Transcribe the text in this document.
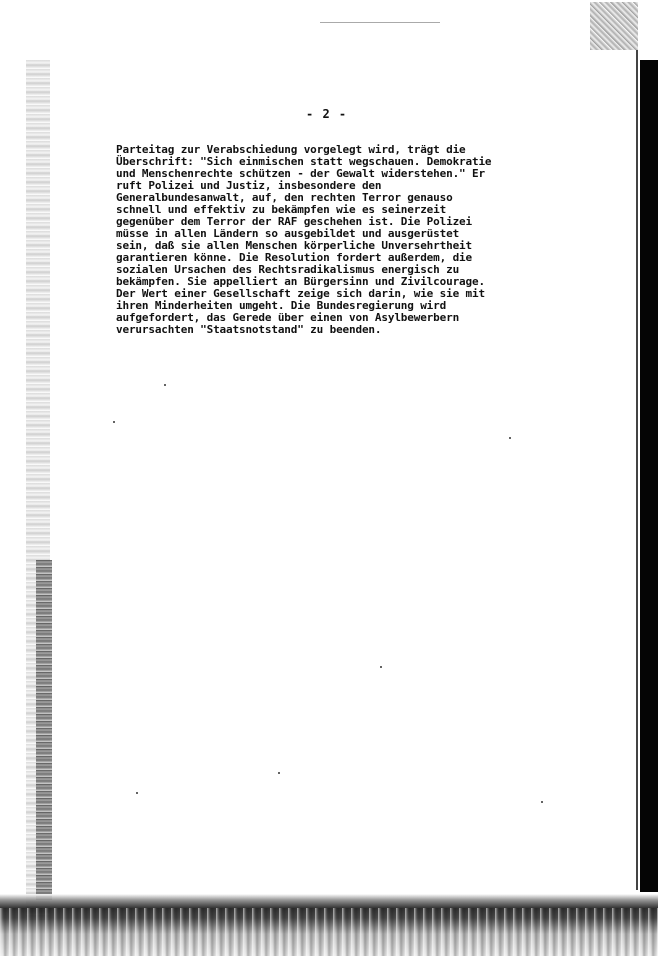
- 2 -
Parteitag zur Verabschiedung vorgelegt wird, trägt die
Überschrift: "Sich einmischen statt wegschauen. Demokratie
und Menschenrechte schützen - der Gewalt widerstehen." Er
ruft Polizei und Justiz, insbesondere den
Generalbundesanwalt, auf, den rechten Terror genauso
schnell und effektiv zu bekämpfen wie es seinerzeit
gegenüber dem Terror der RAF geschehen ist. Die Polizei
müsse in allen Ländern so ausgebildet und ausgerüstet
sein, daß sie allen Menschen körperliche Unversehrtheit
garantieren könne. Die Resolution fordert außerdem, die
sozialen Ursachen des Rechtsradikalismus energisch zu
bekämpfen. Sie appelliert an Bürgersinn und Zivilcourage.
Der Wert einer Gesellschaft zeige sich darin, wie sie mit
ihren Minderheiten umgeht. Die Bundesregierung wird
aufgefordert, das Gerede über einen von Asylbewerbern
verursachten "Staatsnotstand" zu beenden.
